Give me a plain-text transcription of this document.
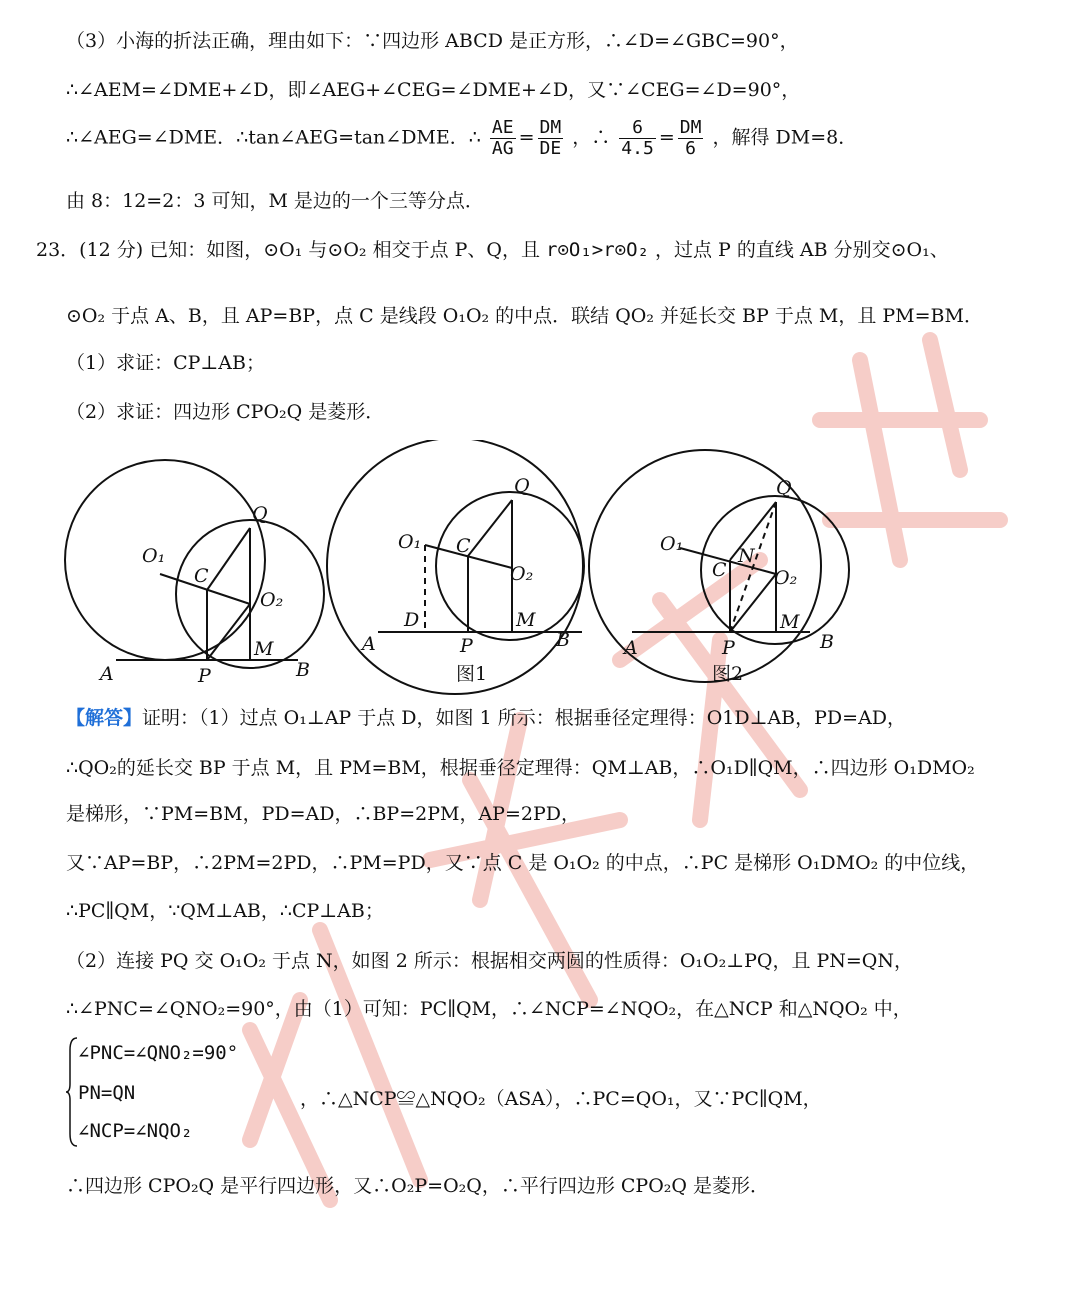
（3）小海的折法正确，理由如下：∵四边形 ABCD 是正方形，∴∠D=∠GBC=90°，
∴∠AEM=∠DME+∠D，即∠AEG+∠CEG=∠DME+∠D，又∵∠CEG=∠D=90°，
∴∠AEG=∠DME．∴tan∠AEG=tan∠DME．∴ $\frac{AE}{AG} = \frac{DM}{DE}$ ，∴ $\frac{6}{4.5} = \frac{DM}{6}$ ，解得 DM=8．
由 8：12=2：3 可知，M 是边的一个三等分点．
23．(12 分) 已知：如图，⊙O₁ 与⊙O₂ 相交于点 P、Q，且 r⊙O₁>r⊙O₂ ，过点 P 的直线 AB 分别交⊙O₁、
⊙O₂ 于点 A、B，且 AP=BP，点 C 是线段 O₁O₂ 的中点．联结 QO₂ 并延长交 BP 于点 M，且 PM=BM．
（1）求证：CP⊥AB；
（2）求证：四边形 CPO₂Q 是菱形．
A	P	B
Q
M
C
O₁
O₂
A	P	B
Q
M
C
O₁
O₂
D
图1
A	P	B
Q
M
C
O₁
O₂
N
图2
【解答】证明：（1）过点 O₁⊥AP 于点 D，如图 1 所示：根据垂径定理得：O1D⊥AB，PD=AD，
∴QO₂的延长交 BP 于点 M，且 PM=BM，根据垂径定理得：QM⊥AB，∴O₁D∥QM，∴四边形 O₁DMO₂
是梯形，∵PM=BM，PD=AD，∴BP=2PM，AP=2PD，
又∵AP=BP，∴2PM=2PD，∴PM=PD，又∵点 C 是 O₁O₂ 的中点，∴PC 是梯形 O₁DMO₂ 的中位线，
∴PC∥QM，∵QM⊥AB，∴CP⊥AB；
（2）连接 PQ 交 O₁O₂ 于点 N，如图 2 所示：根据相交两圆的性质得：O₁O₂⊥PQ，且 PN=QN，
∴∠PNC=∠QNO₂=90°，由（1）可知：PC∥QM，∴∠NCP=∠NQO₂，在△NCP 和△NQO₂ 中，
∠PNC=∠QNO₂=90°
PN=QN
∠NCP=∠NQO₂
，∴△NCP≌△NQO₂（ASA），∴PC=QO₁，又∵PC∥QM，
∴四边形 CPO₂Q 是平行四边形，又∴O₂P=O₂Q，∴平行四边形 CPO₂Q 是菱形．
